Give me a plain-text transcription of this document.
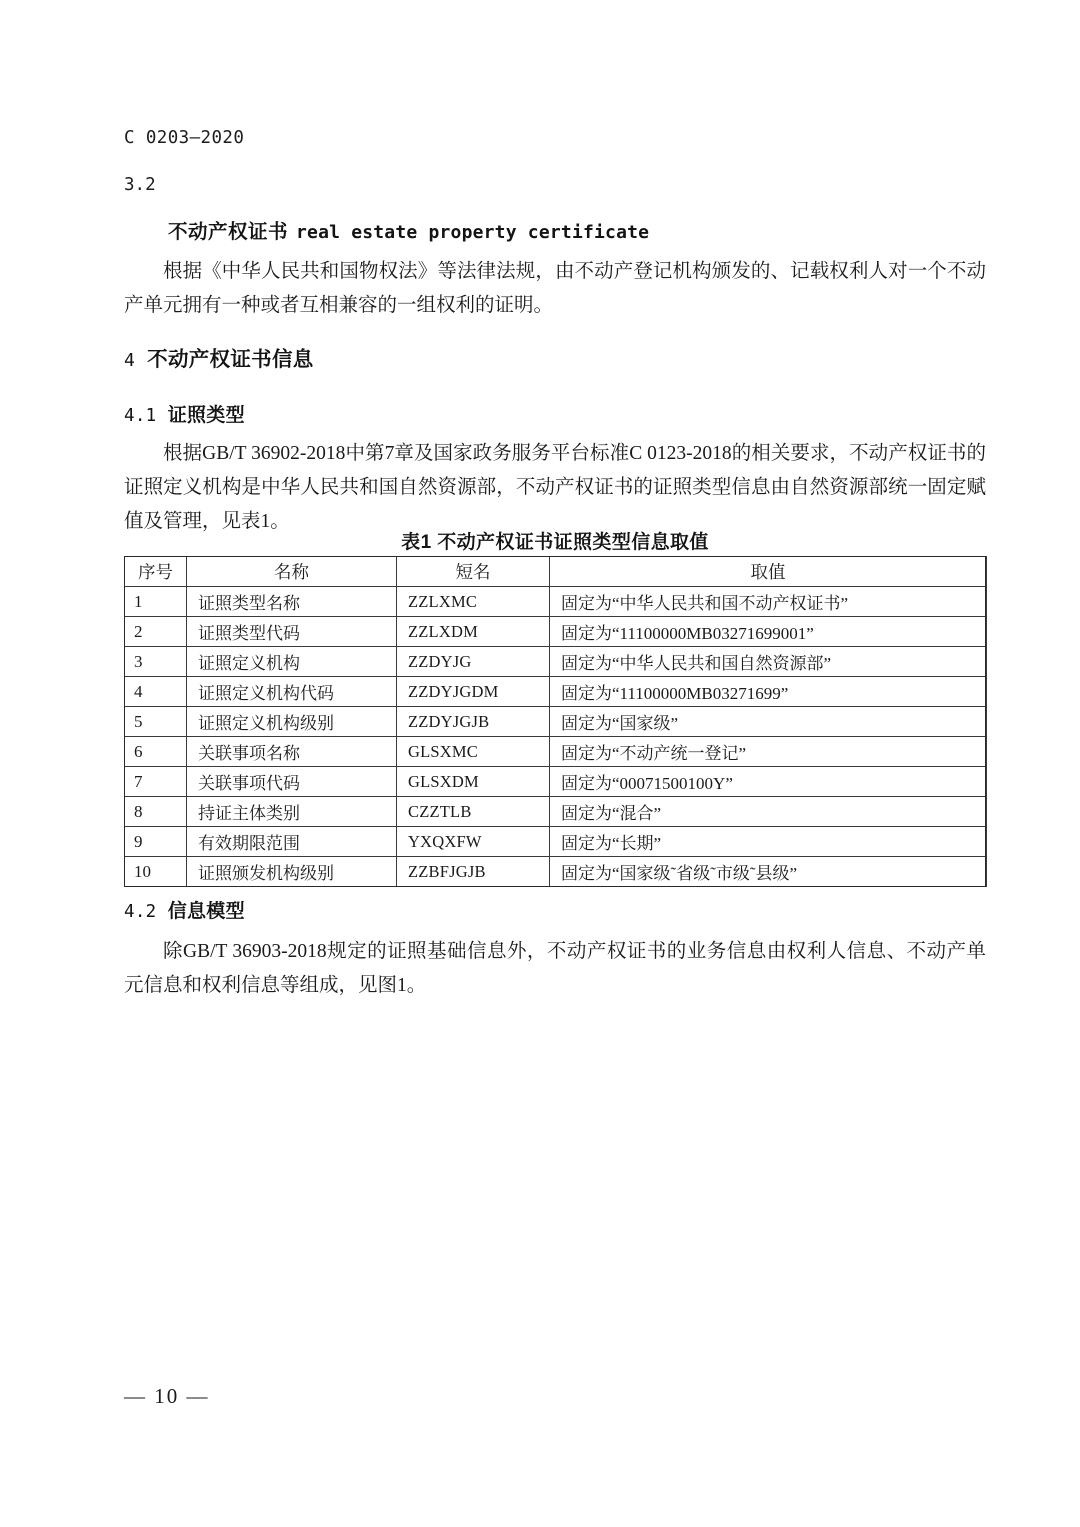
C 0203—2020
3.2
不动产权证书 real estate property certificate
根据《中华人民共和国物权法》等法律法规，由不动产登记机构颁发的、记载权利人对一个不动产单元拥有一种或者互相兼容的一组权利的证明。
4 不动产权证书信息
4.1 证照类型
根据GB/T 36902-2018中第7章及国家政务服务平台标准C 0123-2018的相关要求，不动产权证书的证照定义机构是中华人民共和国自然资源部，不动产权证书的证照类型信息由自然资源部统一固定赋值及管理，见表1。
表1 不动产权证书证照类型信息取值
序号	名称	短名	取值
1	证照类型名称	ZZLXMC	固定为“中华人民共和国不动产权证书”
2	证照类型代码	ZZLXDM	固定为“11100000MB03271699001”
3	证照定义机构	ZZDYJG	固定为“中华人民共和国自然资源部”
4	证照定义机构代码	ZZDYJGDM	固定为“11100000MB03271699”
5	证照定义机构级别	ZZDYJGJB	固定为“国家级”
6	关联事项名称	GLSXMC	固定为“不动产统一登记”
7	关联事项代码	GLSXDM	固定为“00071500100Y”
8	持证主体类别	CZZTLB	固定为“混合”
9	有效期限范围	YXQXFW	固定为“长期”
10	证照颁发机构级别	ZZBFJGJB	固定为“国家级˜省级˜市级˜县级”
4.2 信息模型
除GB/T 36903-2018规定的证照基础信息外，不动产权证书的业务信息由权利人信息、不动产单元信息和权利信息等组成，见图1。
— 10 —
